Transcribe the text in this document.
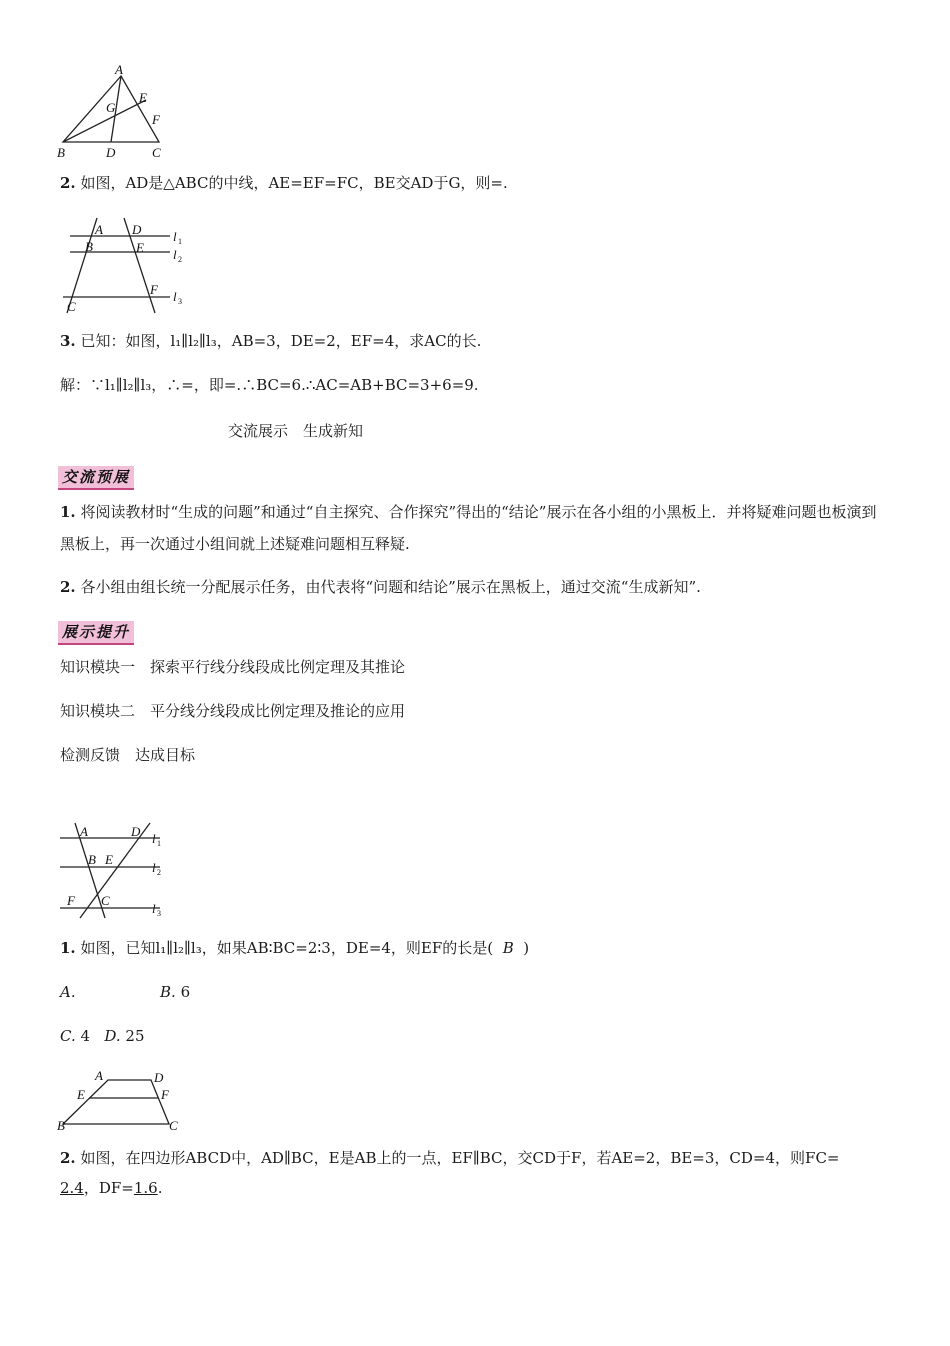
A
E
G
F
B	D	C
2. 如图，AD是△ABC的中线，AE=EF=FC，BE交AD于G，则=.
A D l 1
B	E l 2
F l 3
C
3. 已知：如图，l₁∥l₂∥l₃，AB=3，DE=2，EF=4，求AC的长.
解：∵l₁∥l₂∥l₃，∴=，即=.∴BC=6.∴AC=AB+BC=3+6=9.
交流展示　生成新知
交流预展
1. 将阅读教材时“生成的问题”和通过“自主探究、合作探究”得出的“结论”展示在各小组的小黑板上．并将疑难问题也板演到黑板上，再一次通过小组间就上述疑难问题相互释疑.
2. 各小组由组长统一分配展示任务，由代表将“问题和结论”展示在黑板上，通过交流“生成新知”.
展示提升
知识模块一　探索平行线分线段成比例定理及其推论
知识模块二　平分线分线段成比例定理及推论的应用
检测反馈　达成目标
A	D l 1
B E
l 2
F C
l 3
1. 如图，已知l₁∥l₂∥l₃，如果AB∶BC=2∶3，DE=4，则EF的长是( B )
A.	B. 6
C. 4 D. 25
A	D
E	F
B	C
2. 如图，在四边形ABCD中，AD∥BC，E是AB上的一点，EF∥BC，交CD于F，若AE=2，BE=3，CD=4，则FC=
2.4，DF=1.6.
